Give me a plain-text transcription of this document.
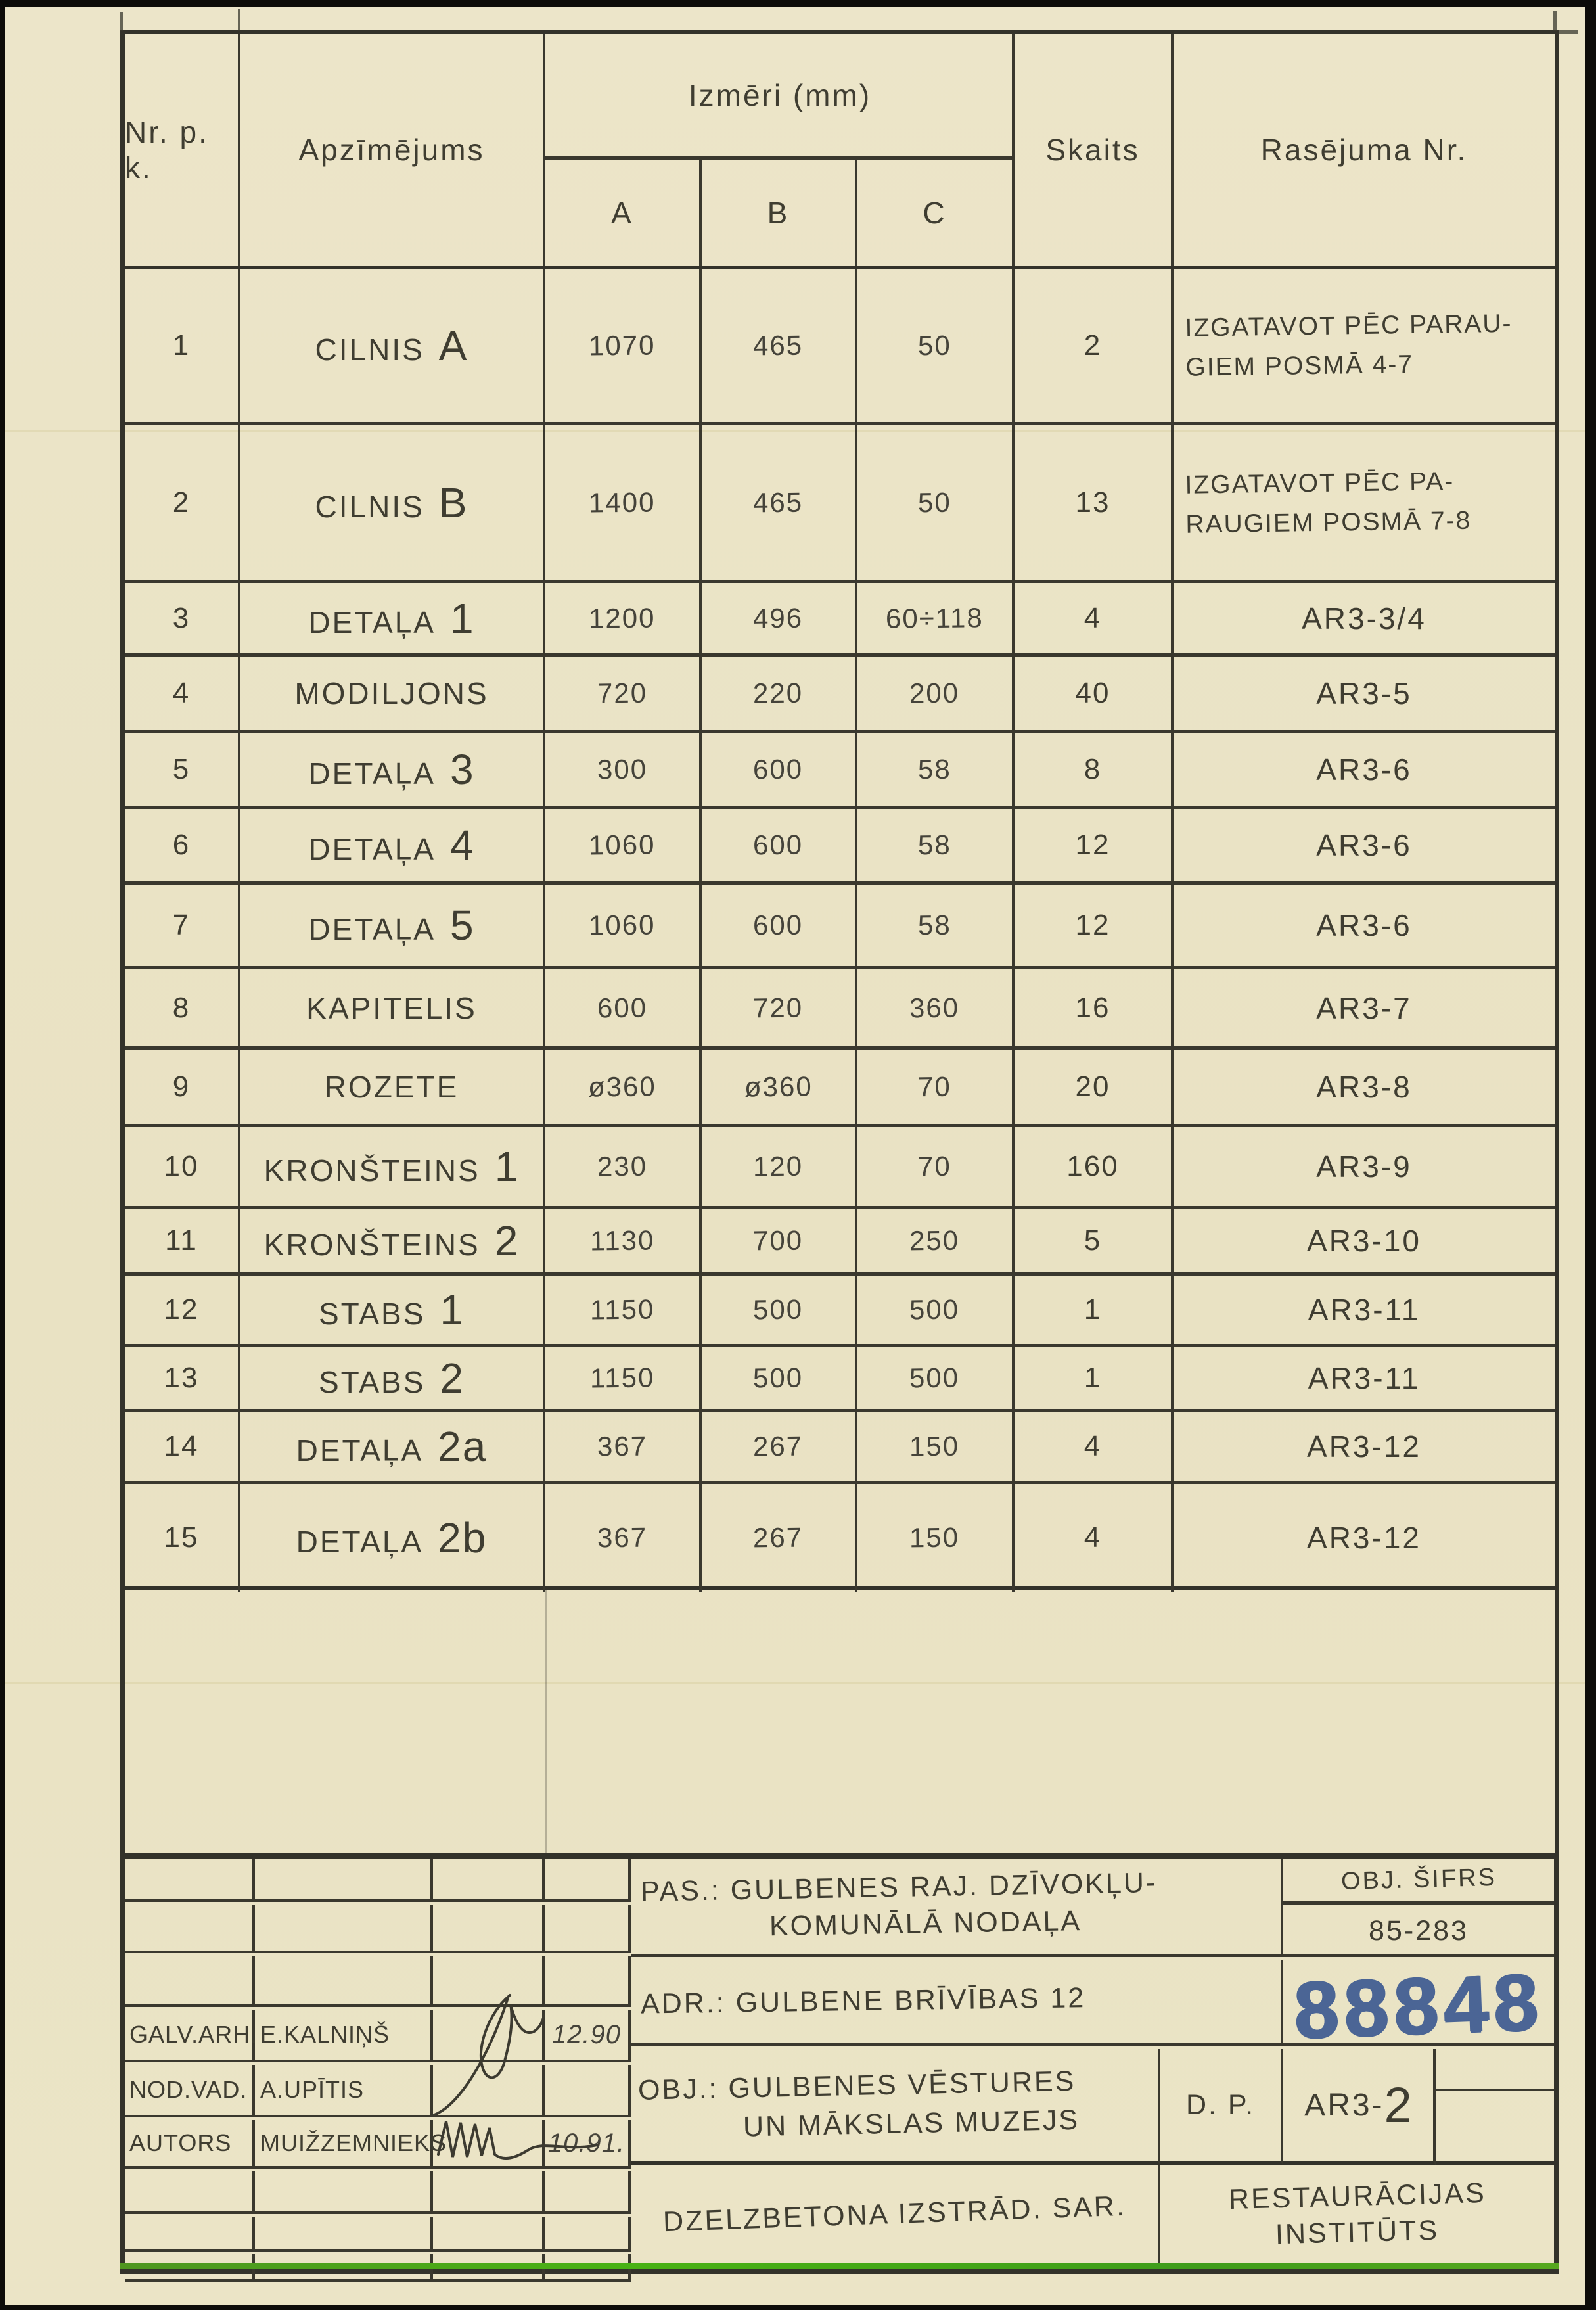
Nr. p. k.
Apzīmējums
Izmēri (mm)
A	B	C
Skaits	Rasējuma Nr.
1	CILNIS A	1070	465	50	2
IZGATAVOT PĒC PARAU-
GIEM POSMĀ 4-7
2	CILNIS B	1400	465	50	13
IZGATAVOT PĒC PA-
RAUGIEM POSMĀ 7-8
3	DETAĻA 1	1200	496	60÷118	4	AR3-3/4
4	MODILJONS	720	220	200	40	AR3-5
5	DETAĻA 3	300	600	58	8	AR3-6
6	DETAĻA 4	1060	600	58	12	AR3-6
7	DETAĻA 5	1060	600	58	12	AR3-6
8	KAPITELIS	600	720	360	16	AR3-7
9	ROZETE	ø360	ø360	70	20	AR3-8
10 KRONŠTEINS 1	230	120	70	160	AR3-9
11 KRONŠTEINS 2	1130	700	250	5	AR3-10
12	STABS 1	1150	500	500	1	AR3-11
13	STABS 2	1150	500	500	1	AR3-11
14	DETAĻA 2a	367	267	150	4	AR3-12
15	DETAĻA 2b	367	267	150	4	AR3-12
GALV.ARH. E.KALNIŅŠ	12.90
NOD.VAD. A.UPĪTIS
AUTORS MUIŽZEMNIEKS	10.91.
PAS.: GULBENES RAJ. DZĪVOKĻU-
KOMUNĀLĀ NODAĻA
OBJ. ŠIFRS
85-283
ADR.: GULBENE BRĪVĪBAS 12	88848
OBJ.: GULBENES VĒSTURES
UN MĀKSLAS MUZEJS	D. P. AR3- 2
DZELZBETONA IZSTRĀD. SAR.	RESTAURĀCIJAS
INSTITŪTS
